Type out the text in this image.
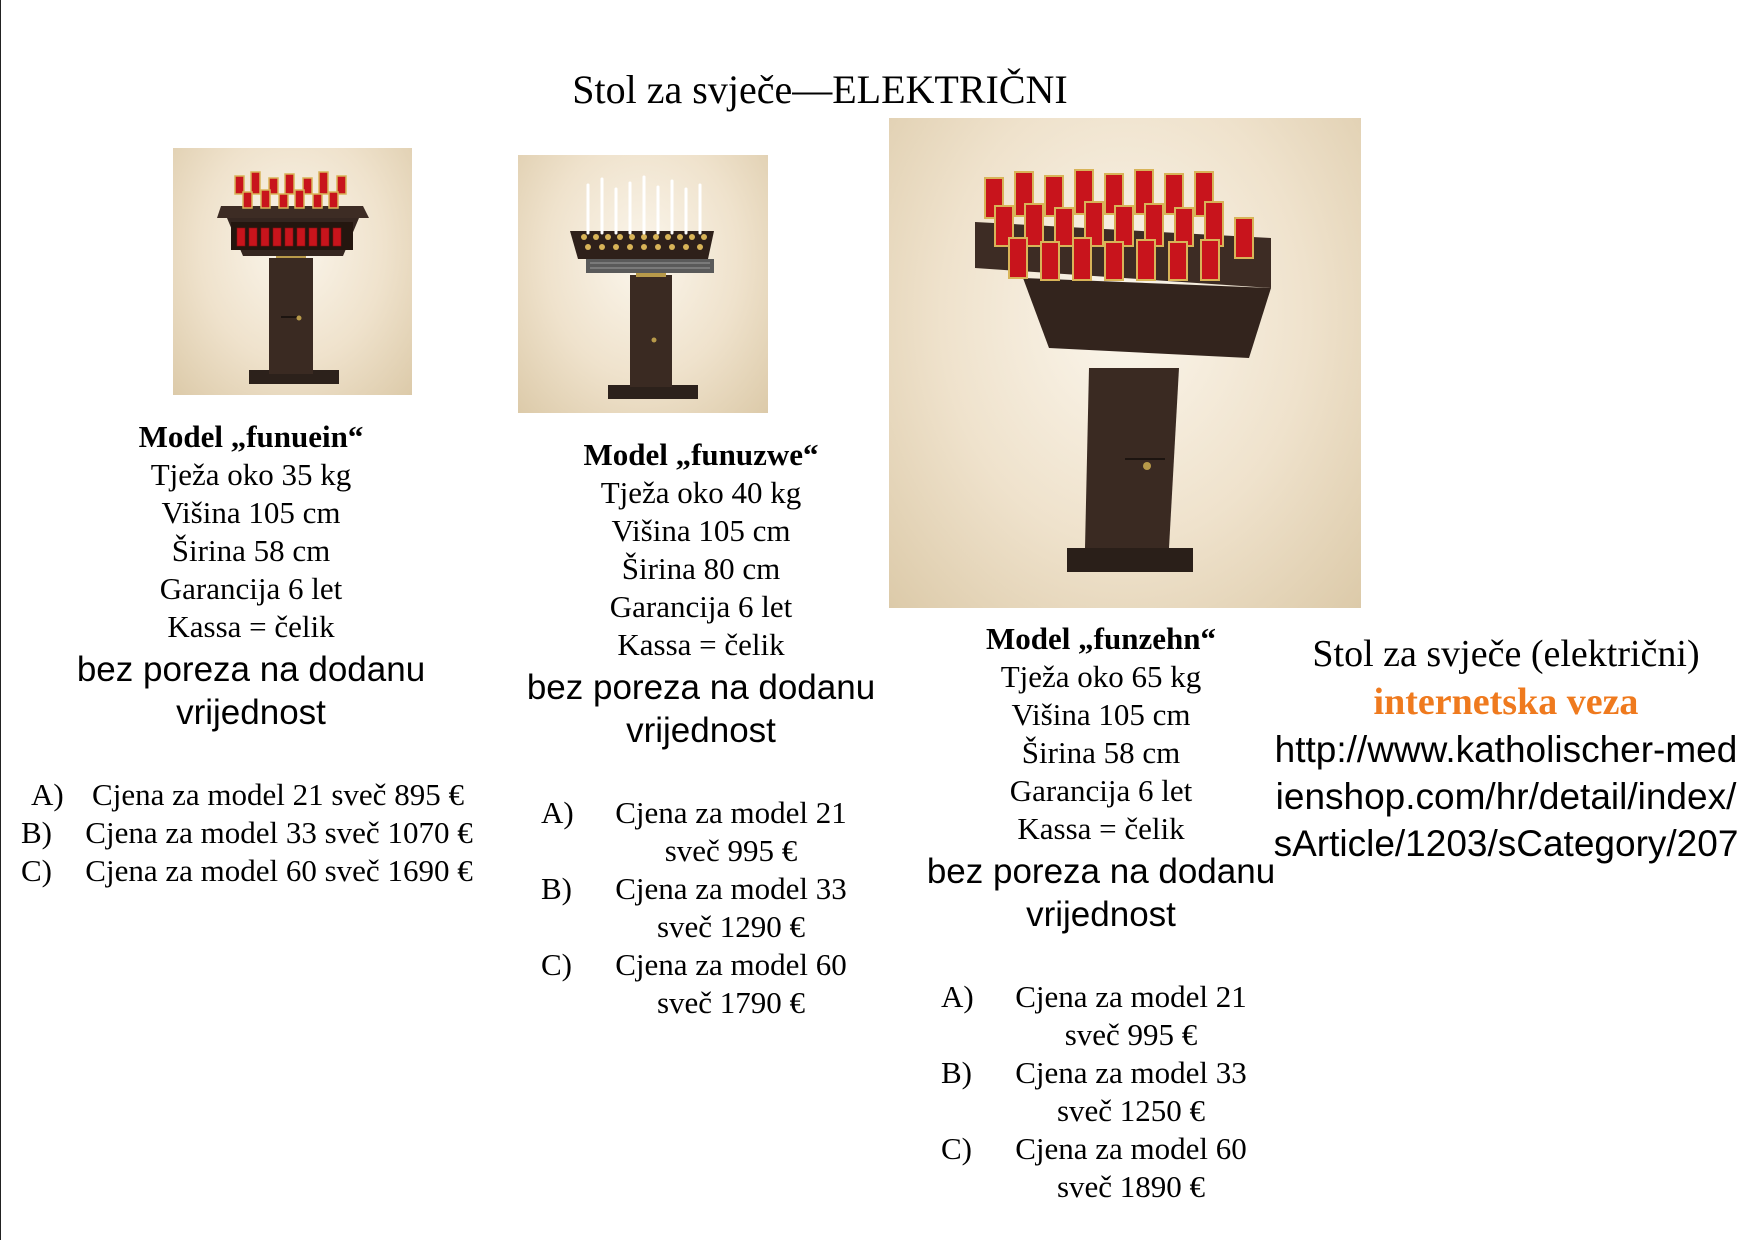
Stol za svječe—ELEKTRIČNI
Model „funuein“
Tježa oko 35 kg
Višina 105 cm
Širina 58 cm
Garancija 6 let
Kassa = čelik
bez poreza na dodanu vrijednost
A) Cjena za model 21 sveč 895 €
B)	Cjena za model 33 sveč 1070 €
C)	Cjena za model 60 sveč 1690 €
Model „funuzwe“
Tježa oko 40 kg
Višina 105 cm
Širina 80 cm
Garancija 6 let
Kassa = čelik
bez poreza na dodanu vrijednost
A)	Cjena za model 21 sveč 995 €
B)	Cjena za model 33 sveč 1290 €
C)	Cjena za model 60 sveč 1790 €
Model „funzehn“
Tježa oko 65 kg
Višina 105 cm
Širina 58 cm
Garancija 6 let
Kassa = čelik
bez poreza na dodanu vrijednost
A)	Cjena za model 21 sveč 995 €
B)	Cjena za model 33 sveč 1250 €
C)	Cjena za model 60 sveč 1890 €
Stol za svječe (električni)
internetska veza
http://www.katholischer-medienshop.com/hr/detail/index/sArticle/1203/sCategory/207
